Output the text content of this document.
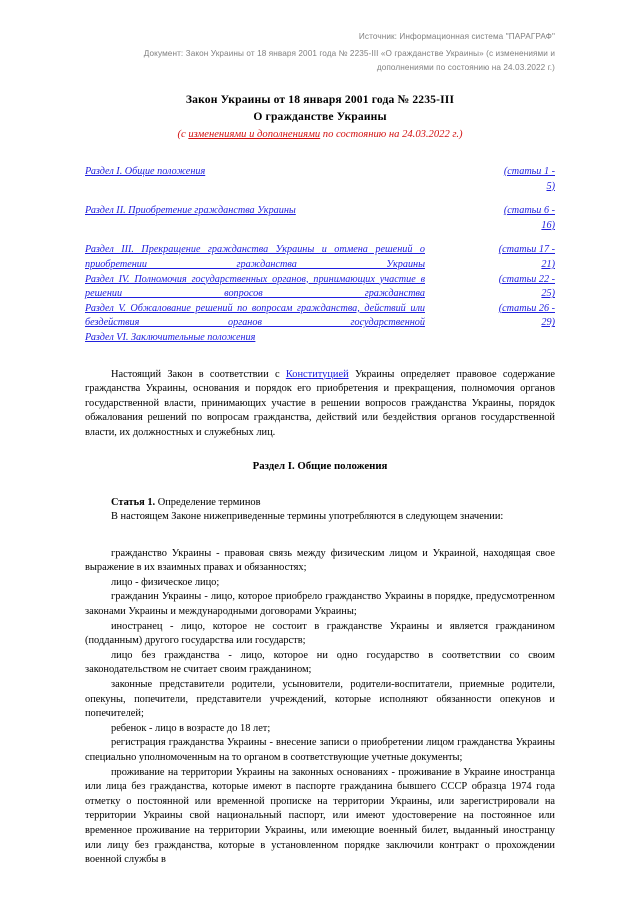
Источник: Информационная система "ПАРАГРАФ"
Документ: Закон Украины от 18 января 2001 года № 2235-III «О гражданстве Украины» (с изменениями и дополнениями по состоянию на 24.03.2022 г.)
Закон Украины от 18 января 2001 года № 2235-III
О гражданстве Украины
(с изменениями и дополнениями по состоянию на 24.03.2022 г.)
Раздел I. Общие положения	(статьи 1 - 5)
Раздел II. Приобретение гражданства Украины	(статьи 6 - 16)
Раздел III. Прекращение гражданства Украины и отмена решений о приобретении гражданства Украины
(статьи 17 - 21)
Раздел IV. Полномочия государственных органов, принимающих участие в решении вопросов гражданства
(статьи 22 - 25)
Раздел V. Обжалование решений по вопросам гражданства, действий или бездействия органов государственной
(статьи 26 - 29)
Раздел VI. Заключительные положения

Настоящий Закон в соответствии с Конституцией Украины определяет правовое содержание гражданства Украины, основания и порядок его приобретения и прекращения, полномочия органов государственной власти, принимающих участие в решении вопросов гражданства Украины, порядок обжалования решений по вопросам гражданства, действий или бездействия органов государственной власти, их должностных и служебных лиц.

Раздел I. Общие положения

Статья 1. Определение терминов

В настоящем Законе нижеприведенные термины употребляются в следующем значении:

гражданство Украины - правовая связь между физическим лицом и Украиной, находящая свое выражение в их взаимных правах и обязанностях;

лицо - физическое лицо;

гражданин Украины - лицо, которое приобрело гражданство Украины в порядке, предусмотренном законами Украины и международными договорами Украины;

иностранец - лицо, которое не состоит в гражданстве Украины и является гражданином (подданным) другого государства или государств;

лицо без гражданства - лицо, которое ни одно государство в соответствии со своим законодательством не считает своим гражданином;

законные представители родители, усыновители, родители-воспитатели, приемные родители, опекуны, попечители, представители учреждений, которые исполняют обязанности опекунов и попечителей;

ребенок - лицо в возрасте до 18 лет;

регистрация гражданства Украины - внесение записи о приобретении лицом гражданства Украины специально уполномоченным на то органом в соответствующие учетные документы;

проживание на территории Украины на законных основаниях - проживание в Украине иностранца или лица без гражданства, которые имеют в паспорте гражданина бывшего СССР образца 1974 года отметку о постоянной или временной прописке на территории Украины, или зарегистрировали на территории Украины свой национальный паспорт, или имеют удостоверение на постоянное или временное проживание на территории Украины, или имеющие военный билет, выданный иностранцу или лицу без гражданства, которые в установленном порядке заключили контракт о прохождении военной службы в
